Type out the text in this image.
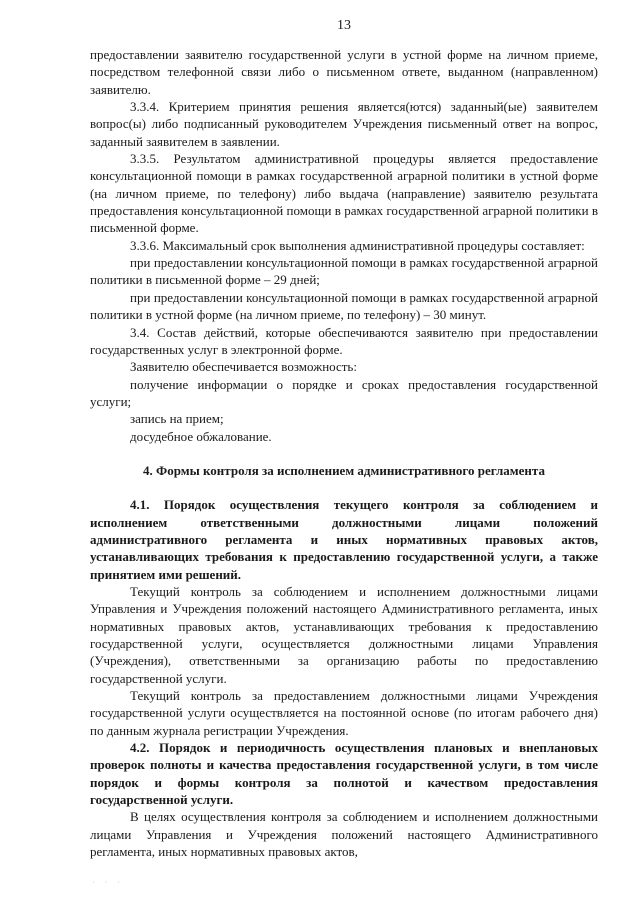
13

предоставлении заявителю государственной услуги в устной форме на личном приеме, посредством телефонной связи либо о письменном ответе, выданном (направленном) заявителю.

3.3.4. Критерием принятия решения является(ются) заданный(ые) заявителем вопрос(ы) либо подписанный руководителем Учреждения письменный ответ на вопрос, заданный заявителем в заявлении.

3.3.5. Результатом административной процедуры является предоставление консультационной помощи в рамках государственной аграрной политики в устной форме (на личном приеме, по телефону) либо выдача (направление) заявителю результата предоставления консультационной помощи в рамках государственной аграрной политики в письменной форме.

3.3.6. Максимальный срок выполнения административной процедуры составляет:

при предоставлении консультационной помощи в рамках государственной аграрной политики в письменной форме – 29 дней;

при предоставлении консультационной помощи в рамках государственной аграрной политики в устной форме (на личном приеме, по телефону) – 30 минут.

3.4. Состав действий, которые обеспечиваются заявителю при предоставлении государственных услуг в электронной форме.

Заявителю обеспечивается возможность:

получение информации о порядке и сроках предоставления государственной услуги;

запись на прием;

досудебное обжалование.

4. Формы контроля за исполнением административного регламента

4.1. Порядок осуществления текущего контроля за соблюдением и исполнением ответственными должностными лицами положений административного регламента и иных нормативных правовых актов, устанавливающих требования к предоставлению государственной услуги, а также принятием ими решений.

Текущий контроль за соблюдением и исполнением должностными лицами Управления и Учреждения положений настоящего Административного регламента, иных нормативных правовых актов, устанавливающих требования к предоставлению государственной услуги, осуществляется должностными лицами Управления (Учреждения), ответственными за организацию работы по предоставлению государственной услуги.

Текущий контроль за предоставлением должностными лицами Учреждения государственной услуги осуществляется на постоянной основе (по итогам рабочего дня) по данным журнала регистрации Учреждения.

4.2. Порядок и периодичность осуществления плановых и внеплановых проверок полноты и качества предоставления государственной услуги, в том числе порядок и формы контроля за полнотой и качеством предоставления государственной услуги.

В целях осуществления контроля за соблюдением и исполнением должностными лицами Управления и Учреждения положений настоящего Административного регламента, иных нормативных правовых актов,

· · ·
